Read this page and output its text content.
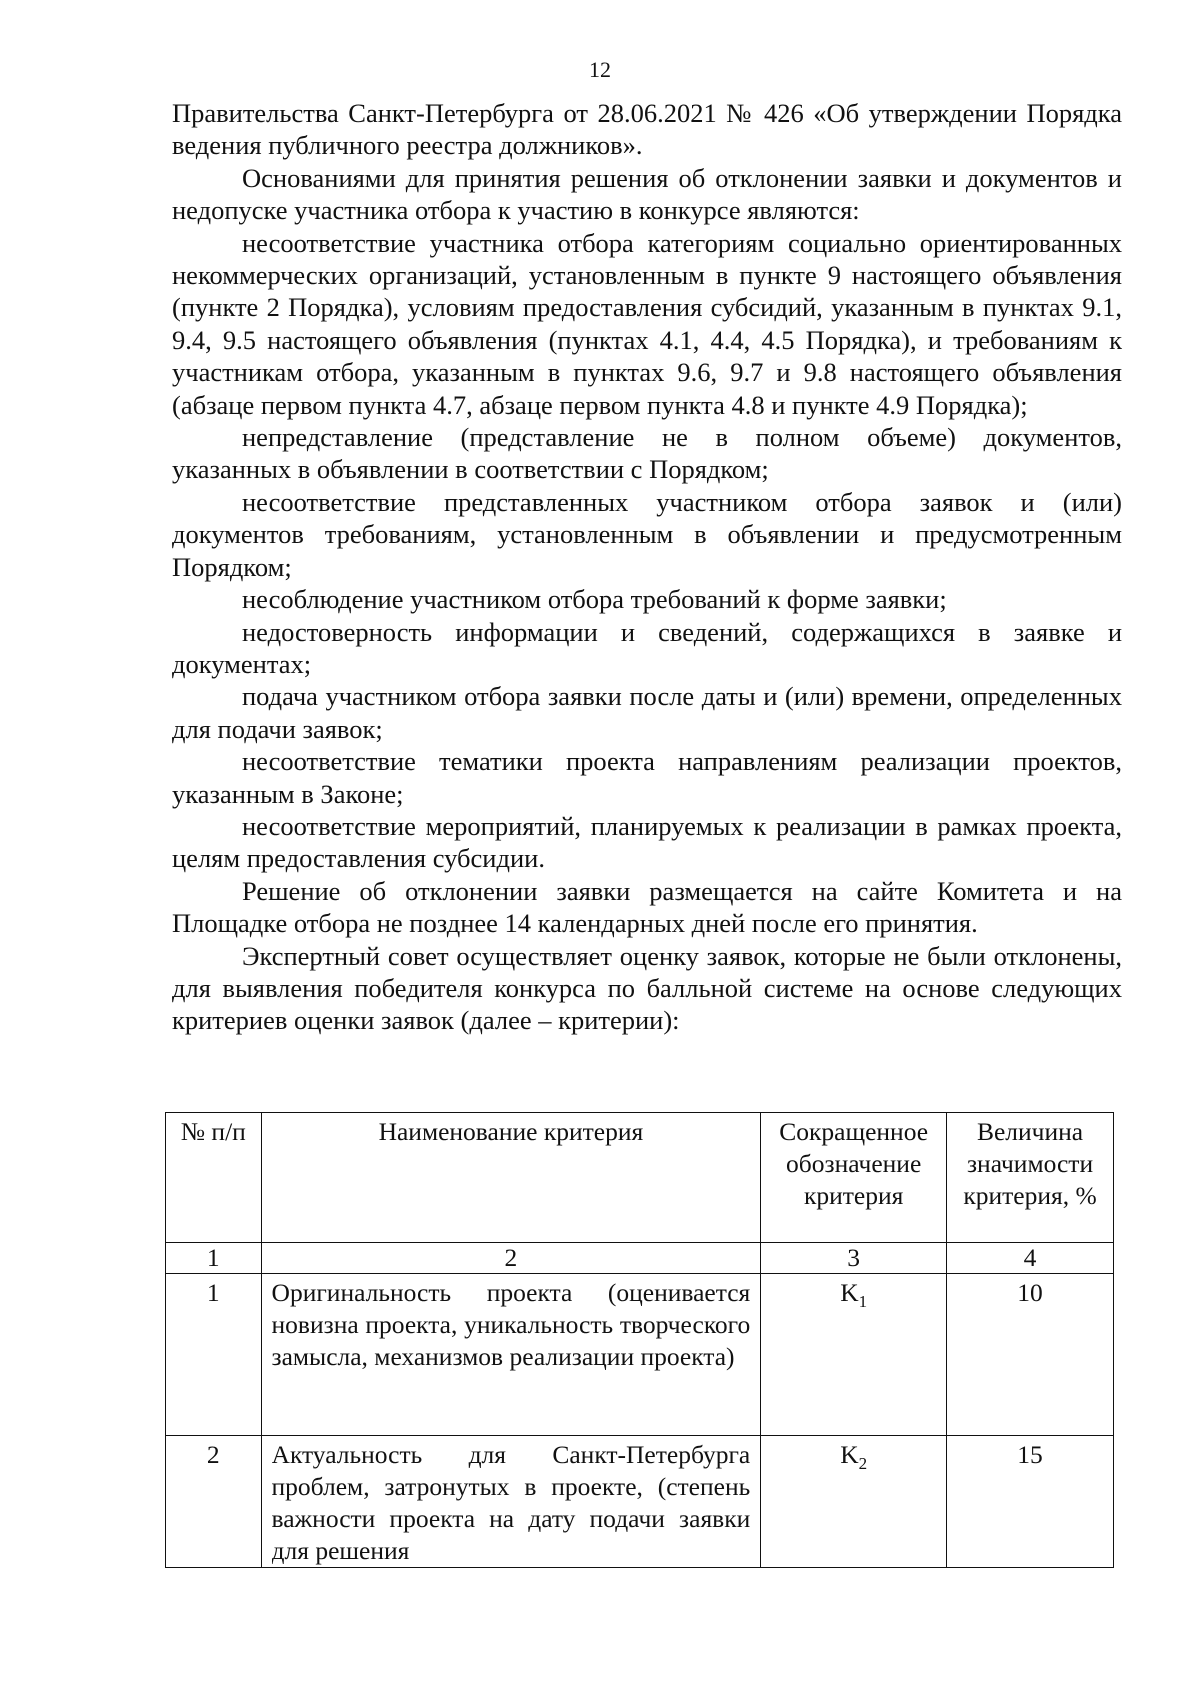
12

Правительства Санкт-Петербурга от 28.06.2021 № 426 «Об утверждении Порядка ведения публичного реестра должников».

Основаниями для принятия решения об отклонении заявки и документов и недопуске участника отбора к участию в конкурсе являются:

несоответствие участника отбора категориям социально ориентированных некоммерческих организаций, установленным в пункте 9 настоящего объявления (пункте 2 Порядка), условиям предоставления субсидий, указанным в пунктах 9.1, 9.4, 9.5 настоящего объявления (пунктах 4.1, 4.4, 4.5 Порядка), и требованиям к участникам отбора, указанным в пунктах 9.6, 9.7 и 9.8 настоящего объявления (абзаце первом пункта 4.7, абзаце первом пункта 4.8 и пункте 4.9 Порядка);

непредставление (представление не в полном объеме) документов, указанных в объявлении в соответствии с Порядком;

несоответствие представленных участником отбора заявок и (или) документов требованиям, установленным в объявлении и предусмотренным Порядком;

несоблюдение участником отбора требований к форме заявки;

недостоверность информации и сведений, содержащихся в заявке и документах;

подача участником отбора заявки после даты и (или) времени, определенных для подачи заявок;

несоответствие тематики проекта направлениям реализации проектов, указанным в Законе;

несоответствие мероприятий, планируемых к реализации в рамках проекта, целям предоставления субсидии.

Решение об отклонении заявки размещается на сайте Комитета и на Площадке отбора не позднее 14 календарных дней после его принятия.

Экспертный совет осуществляет оценку заявок, которые не были отклонены, для выявления победителя конкурса по балльной системе на основе следующих критериев оценки заявок (далее – критерии):

№ п/п	Наименование критерия	Сокращенное обозначение критерия	Величина значимости критерия, %
1	2	3	4
1	Оригинальность проекта (оценивается новизна проекта, уникальность творческого замысла, механизмов реализации проекта)	$K_1$	10
2	Актуальность для Санкт-Петербурга проблем, затронутых в проекте, (степень важности проекта на дату подачи заявки для решения	$K_2$	15
